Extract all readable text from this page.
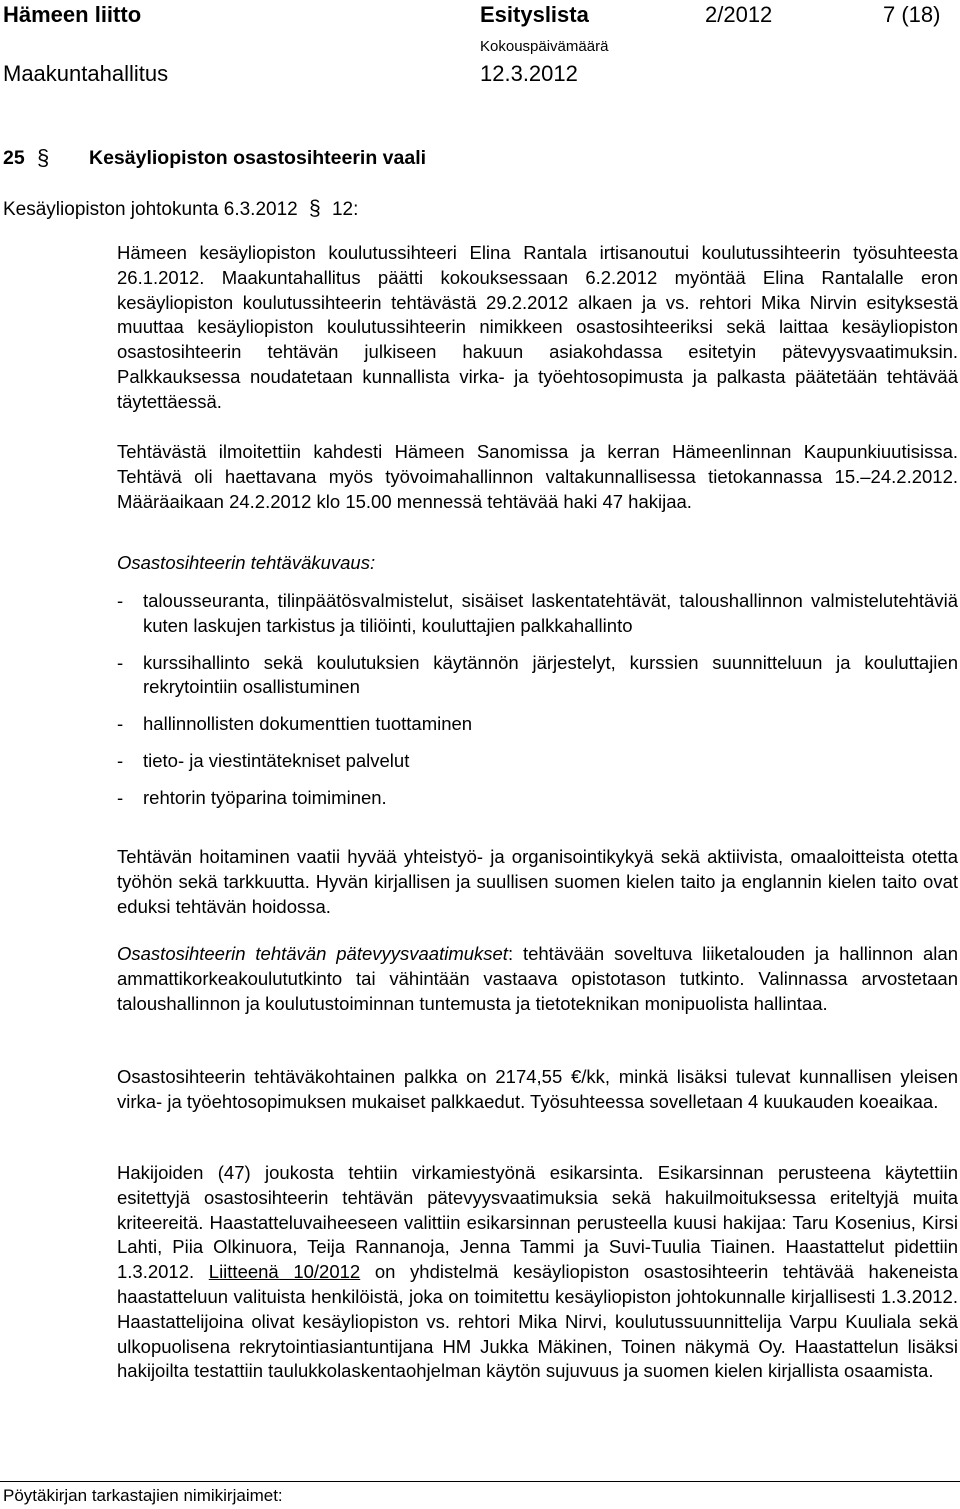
Hämeen liitto	Esityslista	2/2012	7 (18)
Maakuntahallitus
Kokouspäivämäärä
12.3.2012
25 § Kesäyliopiston osastosihteerin vaali
Kesäyliopiston johtokunta 6.3.2012 § 12:

Hämeen kesäyliopiston koulutussihteeri Elina Rantala irtisanoutui koulutussihteerin työsuhteesta 26.1.2012. Maakuntahallitus päätti kokouksessaan 6.2.2012 myöntää Elina Rantalalle eron kesäyliopiston koulutussihteerin tehtävästä 29.2.2012 alkaen ja vs. rehtori Mika Nirvin esityksestä muuttaa kesäyliopiston koulutussihteerin nimikkeen osastosihteeriksi sekä laittaa kesäyliopiston osastosihteerin tehtävän julkiseen hakuun asiakohdassa esitetyin pätevyysvaatimuksin. Palkkauksessa noudatetaan kunnallista virka- ja työehtosopimusta ja palkasta päätetään tehtävää täytettäessä.

Tehtävästä ilmoitettiin kahdesti Hämeen Sanomissa ja kerran Hämeenlinnan Kaupunkiuutisissa. Tehtävä oli haettavana myös työvoimahallinnon valtakunnallisessa tietokannassa 15.–24.2.2012. Määräaikaan 24.2.2012 klo 15.00 mennessä tehtävää haki 47 hakijaa.

Osastosihteerin tehtäväkuvaus:

- talousseuranta, tilinpäätösvalmistelut, sisäiset laskentatehtävät, taloushallinnon valmistelutehtäviä kuten laskujen tarkistus ja tiliöinti, kouluttajien palkkahallinto

- kurssihallinto sekä koulutuksien käytännön järjestelyt, kurssien suunnitteluun ja kouluttajien rekrytointiin osallistuminen

- hallinnollisten dokumenttien tuottaminen

- tieto- ja viestintätekniset palvelut

- rehtorin työparina toimiminen.

Tehtävän hoitaminen vaatii hyvää yhteistyö- ja organisointikykyä sekä aktiivista, omaaloitteista otetta työhön sekä tarkkuutta. Hyvän kirjallisen ja suullisen suomen kielen taito ja englannin kielen taito ovat eduksi tehtävän hoidossa.

Osastosihteerin tehtävän pätevyysvaatimukset: tehtävään soveltuva liiketalouden ja hallinnon alan ammattikorkeakoulututkinto tai vähintään vastaava opistotason tutkinto. Valinnassa arvostetaan taloushallinnon ja koulutustoiminnan tuntemusta ja tietoteknikan monipuolista hallintaa.

Osastosihteerin tehtäväkohtainen palkka on 2174,55 €/kk, minkä lisäksi tulevat kunnallisen yleisen virka- ja työehtosopimuksen mukaiset palkkaedut. Työsuhteessa sovelletaan 4 kuukauden koeaikaa.

Hakijoiden (47) joukosta tehtiin virkamiestyönä esikarsinta. Esikarsinnan perusteena käytettiin esitettyjä osastosihteerin tehtävän pätevyysvaatimuksia sekä hakuilmoituksessa eriteltyjä muita kriteereitä. Haastatteluvaiheeseen valittiin esikarsinnan perusteella kuusi hakijaa: Taru Kosenius, Kirsi Lahti, Piia Olkinuora, Teija Rannanoja, Jenna Tammi ja Suvi-Tuulia Tiainen. Haastattelut pidettiin 1.3.2012. Liitteenä 10/2012 on yhdistelmä kesäyliopiston osastosihteerin tehtävää hakeneista haastatteluun valituista henkilöistä, joka on toimitettu kesäyliopiston johtokunnalle kirjallisesti 1.3.2012. Haastattelijoina olivat kesäyliopiston vs. rehtori Mika Nirvi, koulutussuunnittelija Varpu Kuuliala sekä ulkopuolisena rekrytointiasiantuntijana HM Jukka Mäkinen, Toinen näkymä Oy. Haastattelun lisäksi hakijoilta testattiin taulukkolaskentaohjelman käytön sujuvuus ja suomen kielen kirjallista osaamista.

Pöytäkirjan tarkastajien nimikirjaimet:
